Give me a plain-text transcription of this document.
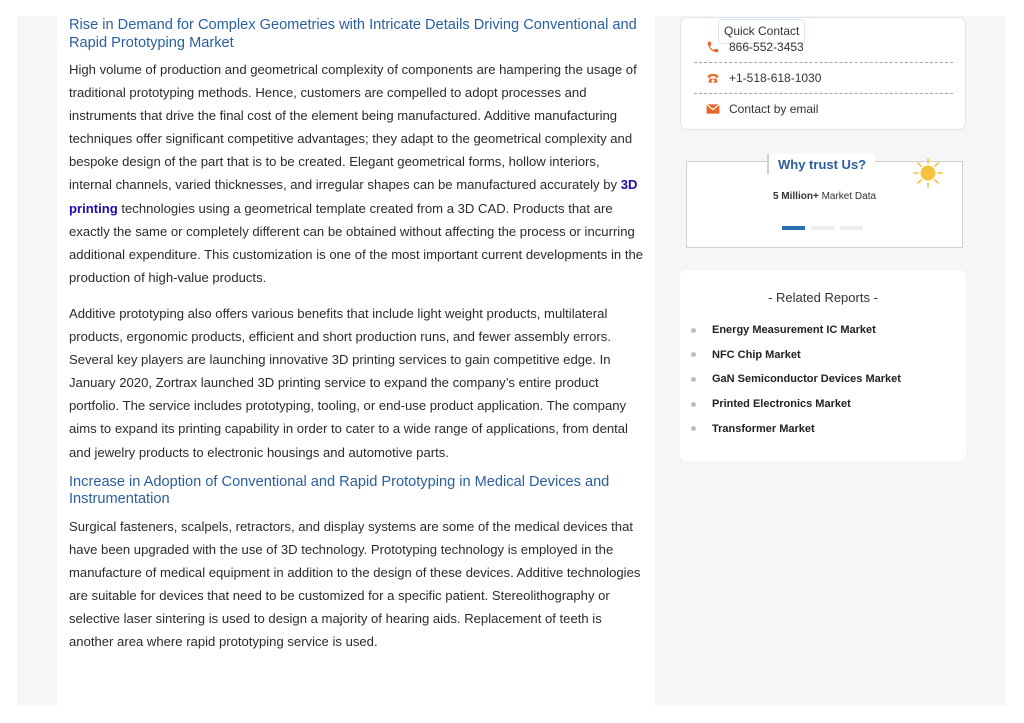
Rise in Demand for Complex Geometries with Intricate Details Driving Conventional and Rapid Prototyping Market

High volume of production and geometrical complexity of components are hampering the usage of traditional prototyping methods. Hence, customers are compelled to adopt processes and instruments that drive the final cost of the element being manufactured. Additive manufacturing techniques offer significant competitive advantages; they adapt to the geometrical complexity and bespoke design of the part that is to be created. Elegant geometrical forms, hollow interiors, internal channels, varied thicknesses, and irregular shapes can be manufactured accurately by 3D printing technologies using a geometrical template created from a 3D CAD. Products that are exactly the same or completely different can be obtained without affecting the process or incurring additional expenditure. This customization is one of the most important current developments in the production of high-value products.

Additive prototyping also offers various benefits that include light weight products, multilateral products, ergonomic products, efficient and short production runs, and fewer assembly errors. Several key players are launching innovative 3D printing services to gain competitive edge. In January 2020, Zortrax launched 3D printing service to expand the company’s entire product portfolio. The service includes prototyping, tooling, or end-use product application. The company aims to expand its printing capability in order to cater to a wide range of applications, from dental and jewelry products to electronic housings and automotive parts.

Increase in Adoption of Conventional and Rapid Prototyping in Medical Devices and Instrumentation

Surgical fasteners, scalpels, retractors, and display systems are some of the medical devices that have been upgraded with the use of 3D technology. Prototyping technology is employed in the manufacture of medical equipment in addition to the design of these devices. Additive technologies are suitable for devices that need to be customized for a specific patient. Stereolithography or selective laser sintering is used to design a majority of hearing aids. Replacement of teeth is another area where rapid prototyping service is used.

Quick Contact
866-552-3453
+1-518-618-1030
Contact by email
Why trust Us?
5 Million+ Market Data
- Related Reports -
Energy Measurement IC Market
NFC Chip Market
GaN Semiconductor Devices Market
Printed Electronics Market
Transformer Market
